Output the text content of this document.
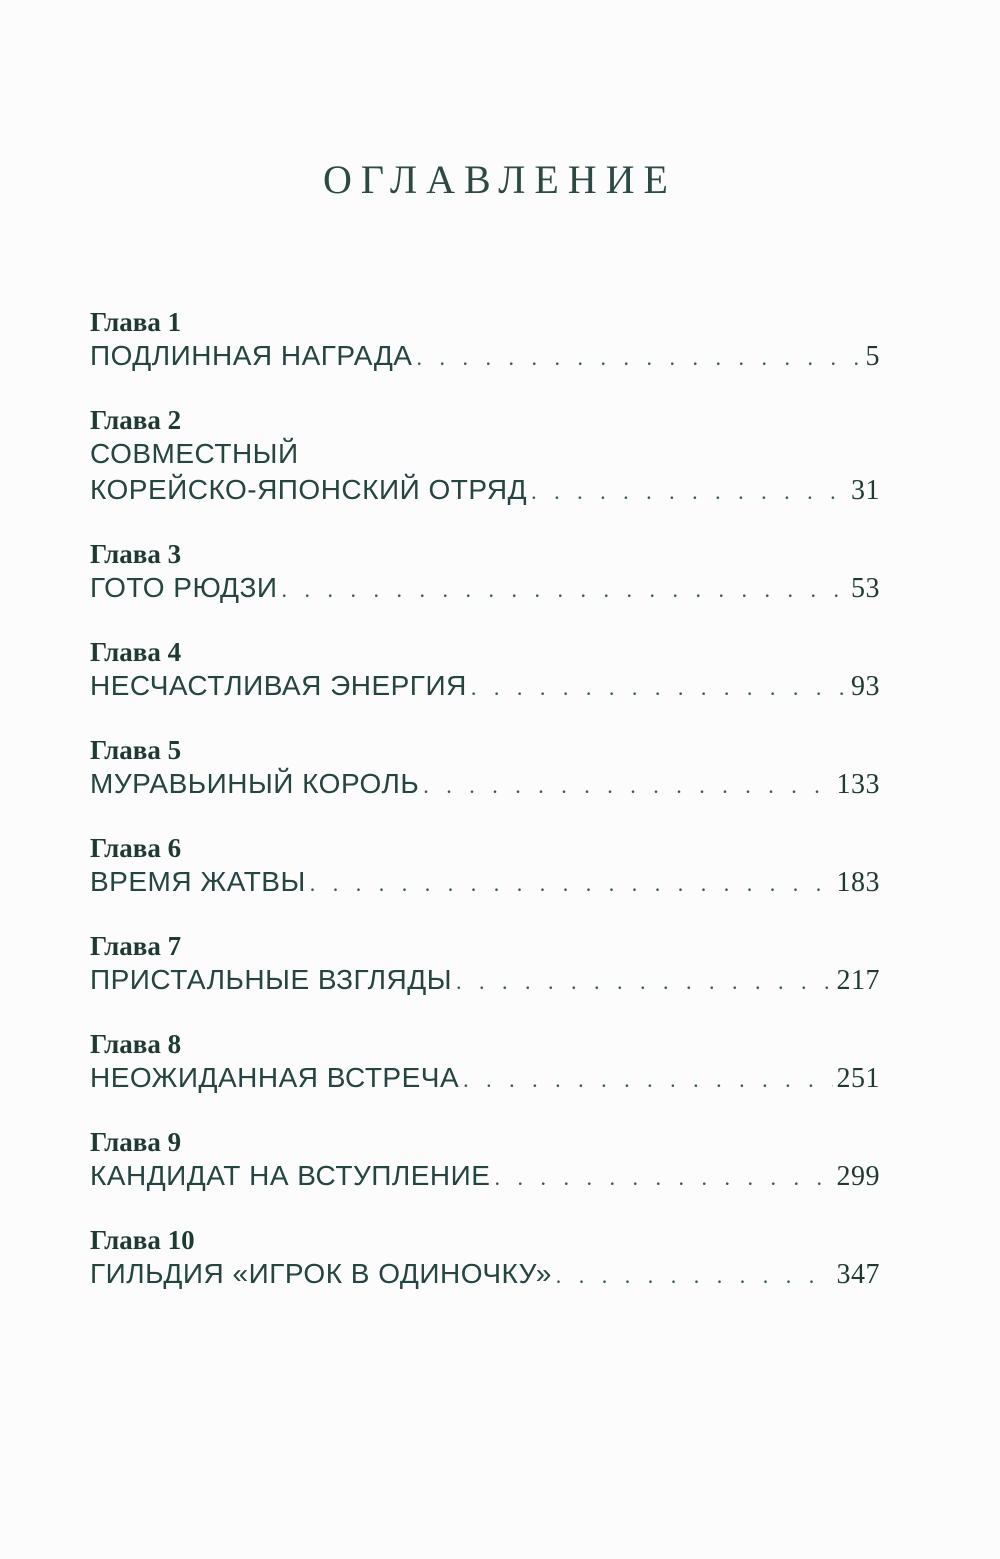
ОГЛАВЛЕНИЕ
Глава 1
ПОДЛИННАЯ НАГРАДА . . .	5
Глава 2
СОВМЕСТНЫЙ
КОРЕЙСКО-ЯПОНСКИЙ ОТРЯД . . .	31
Глава 3
ГОТО РЮДЗИ . . .	53
Глава 4
НЕСЧАСТЛИВАЯ ЭНЕРГИЯ . . .	93
Глава 5
МУРАВЬИНЫЙ КОРОЛЬ . . .	133
Глава 6
ВРЕМЯ ЖАТВЫ . . .	183
Глава 7
ПРИСТАЛЬНЫЕ ВЗГЛЯДЫ . . .	217
Глава 8
НЕОЖИДАННАЯ ВСТРЕЧА . . .	251
Глава 9
КАНДИДАТ НА ВСТУПЛЕНИЕ . . .	299
Глава 10
ГИЛЬДИЯ «ИГРОК В ОДИНОЧКУ» . . .	347
